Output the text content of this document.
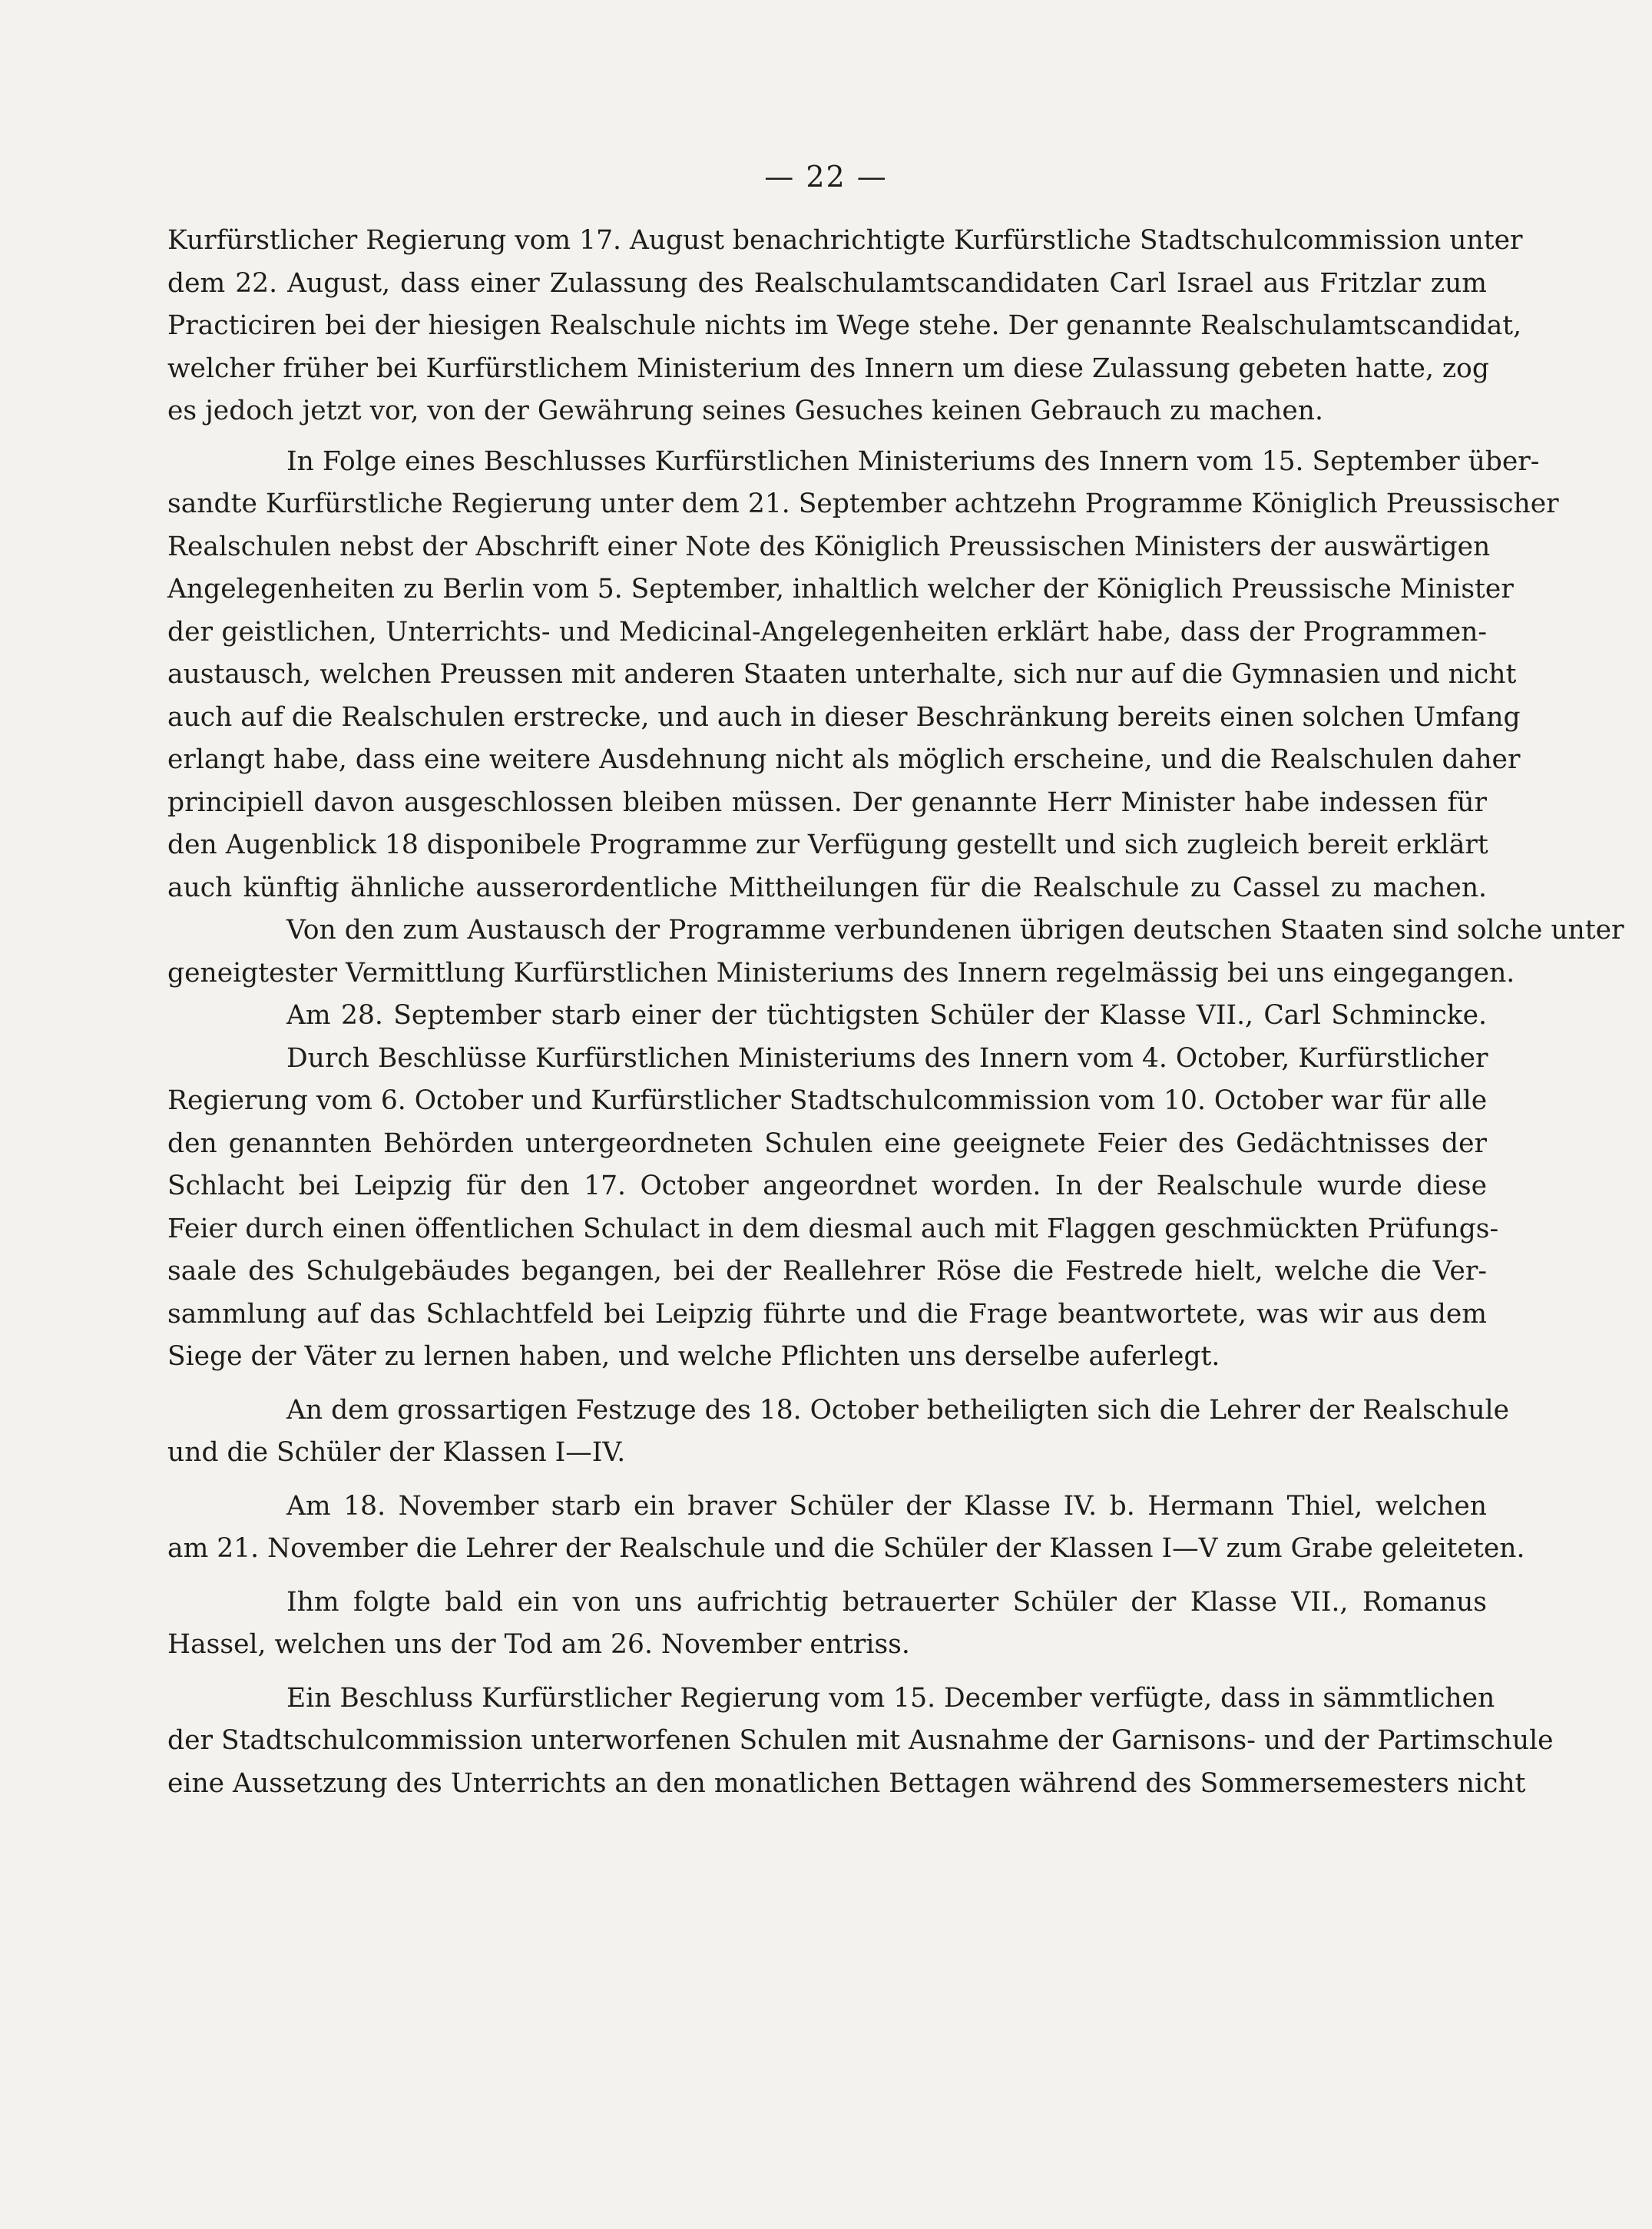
— 22 —
Kurfürstlicher Regierung vom 17. August benachrichtigte Kurfürstliche Stadtschulcommission unter
dem 22. August, dass einer Zulassung des Realschulamtscandidaten Carl Israel aus Fritzlar zum
Practiciren bei der hiesigen Realschule nichts im Wege stehe. Der genannte Realschulamtscandidat,
welcher früher bei Kurfürstlichem Ministerium des Innern um diese Zulassung gebeten hatte, zog
es jedoch jetzt vor, von der Gewährung seines Gesuches keinen Gebrauch zu machen.
In Folge eines Beschlusses Kurfürstlichen Ministeriums des Innern vom 15. September über-
sandte Kurfürstliche Regierung unter dem 21. September achtzehn Programme Königlich Preussischer
Realschulen nebst der Abschrift einer Note des Königlich Preussischen Ministers der auswärtigen
Angelegenheiten zu Berlin vom 5. September, inhaltlich welcher der Königlich Preussische Minister
der geistlichen, Unterrichts- und Medicinal-Angelegenheiten erklärt habe, dass der Programmen-
austausch, welchen Preussen mit anderen Staaten unterhalte, sich nur auf die Gymnasien und nicht
auch auf die Realschulen erstrecke, und auch in dieser Beschränkung bereits einen solchen Umfang
erlangt habe, dass eine weitere Ausdehnung nicht als möglich erscheine, und die Realschulen daher
principiell davon ausgeschlossen bleiben müssen. Der genannte Herr Minister habe indessen für
den Augenblick 18 disponibele Programme zur Verfügung gestellt und sich zugleich bereit erklärt
auch künftig ähnliche ausserordentliche Mittheilungen für die Realschule zu Cassel zu machen.
Von den zum Austausch der Programme verbundenen übrigen deutschen Staaten sind solche unter
geneigtester Vermittlung Kurfürstlichen Ministeriums des Innern regelmässig bei uns eingegangen.
Am 28. September starb einer der tüchtigsten Schüler der Klasse VII., Carl Schmincke.
Durch Beschlüsse Kurfürstlichen Ministeriums des Innern vom 4. October, Kurfürstlicher
Regierung vom 6. October und Kurfürstlicher Stadtschulcommission vom 10. October war für alle
den genannten Behörden untergeordneten Schulen eine geeignete Feier des Gedächtnisses der
Schlacht bei Leipzig für den 17. October angeordnet worden. In der Realschule wurde diese
Feier durch einen öffentlichen Schulact in dem diesmal auch mit Flaggen geschmückten Prüfungs-
saale des Schulgebäudes begangen, bei der Reallehrer Röse die Festrede hielt, welche die Ver-
sammlung auf das Schlachtfeld bei Leipzig führte und die Frage beantwortete, was wir aus dem
Siege der Väter zu lernen haben, und welche Pflichten uns derselbe auferlegt.
An dem grossartigen Festzuge des 18. October betheiligten sich die Lehrer der Realschule
und die Schüler der Klassen I—IV.
Am 18. November starb ein braver Schüler der Klasse IV. b. Hermann Thiel, welchen
am 21. November die Lehrer der Realschule und die Schüler der Klassen I—V zum Grabe geleiteten.
Ihm folgte bald ein von uns aufrichtig betrauerter Schüler der Klasse VII., Romanus
Hassel, welchen uns der Tod am 26. November entriss.
Ein Beschluss Kurfürstlicher Regierung vom 15. December verfügte, dass in sämmtlichen
der Stadtschulcommission unterworfenen Schulen mit Ausnahme der Garnisons- und der Partimschule
eine Aussetzung des Unterrichts an den monatlichen Bettagen während des Sommersemesters nicht
